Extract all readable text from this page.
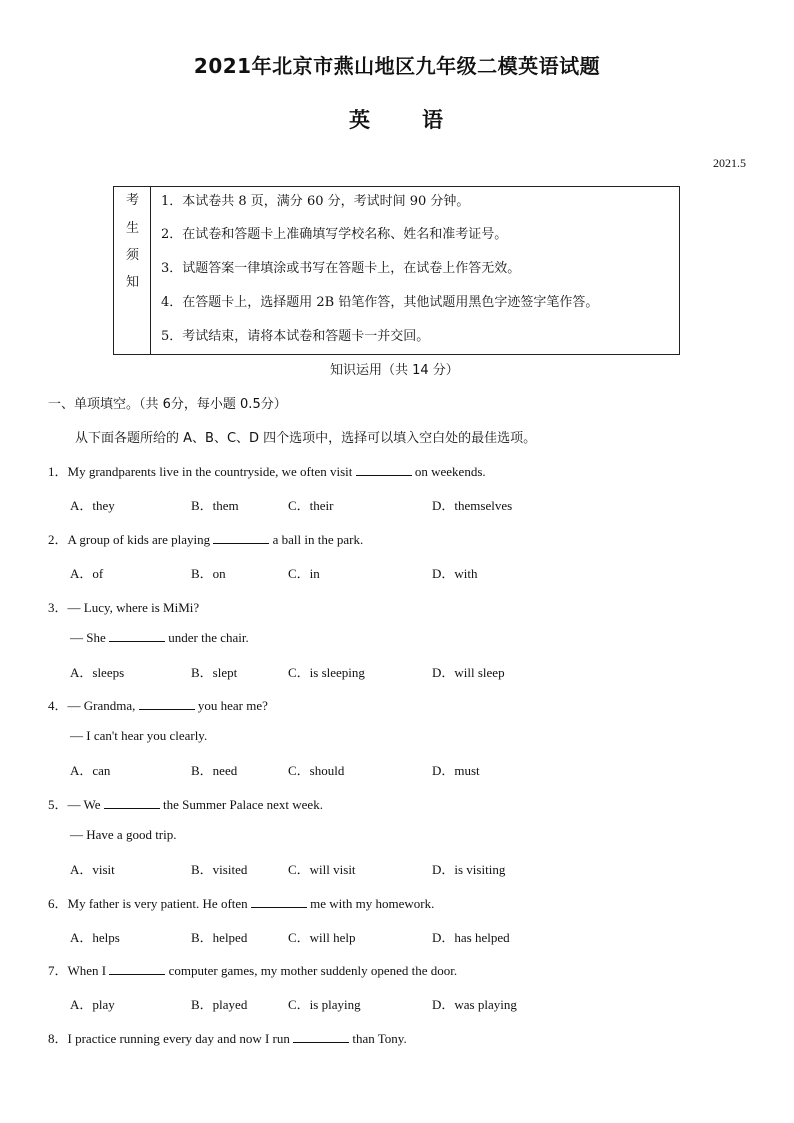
2021年北京市燕山地区九年级二模英语试题
英 语
2021.5
考
生
须
知
1．本试卷共 8 页，满分 60 分，考试时间 90 分钟。
2．在试卷和答题卡上准确填写学校名称、姓名和准考证号。
3．试题答案一律填涂或书写在答题卡上，在试卷上作答无效。
4．在答题卡上，选择题用 2B 铅笔作答，其他试题用黑色字迹签字笔作答。
5．考试结束，请将本试卷和答题卡一并交回。
知识运用（共 14 分）
一、单项填空。（共 6分，每小题 0.5分）
从下面各题所给的 A、B、C、D 四个选项中，选择可以填入空白处的最佳选项。
1．My grandparents live in the countryside, we often visit	on weekends.
A．they	B．them	C．their	D．themselves
2．A group of kids are playing	a ball in the park.
A．of	B．on	C．in	D．with
3．— Lucy, where is MiMi?
— She	under the chair.
A．sleeps	B．slept	C．is sleeping	D．will sleep
4．— Grandma,	you hear me?
— I can't hear you clearly.
A．can	B．need	C．should	D．must
5．— We	the Summer Palace next week.
— Have a good trip.
A．visit	B．visited	C．will visit	D．is visiting
6．My father is very patient. He often	me with my homework.
A．helps	B．helped	C．will help	D．has helped
7．When I	computer games, my mother suddenly opened the door.
A．play	B．played	C．is playing	D．was playing
8．I practice running every day and now I run	than Tony.
